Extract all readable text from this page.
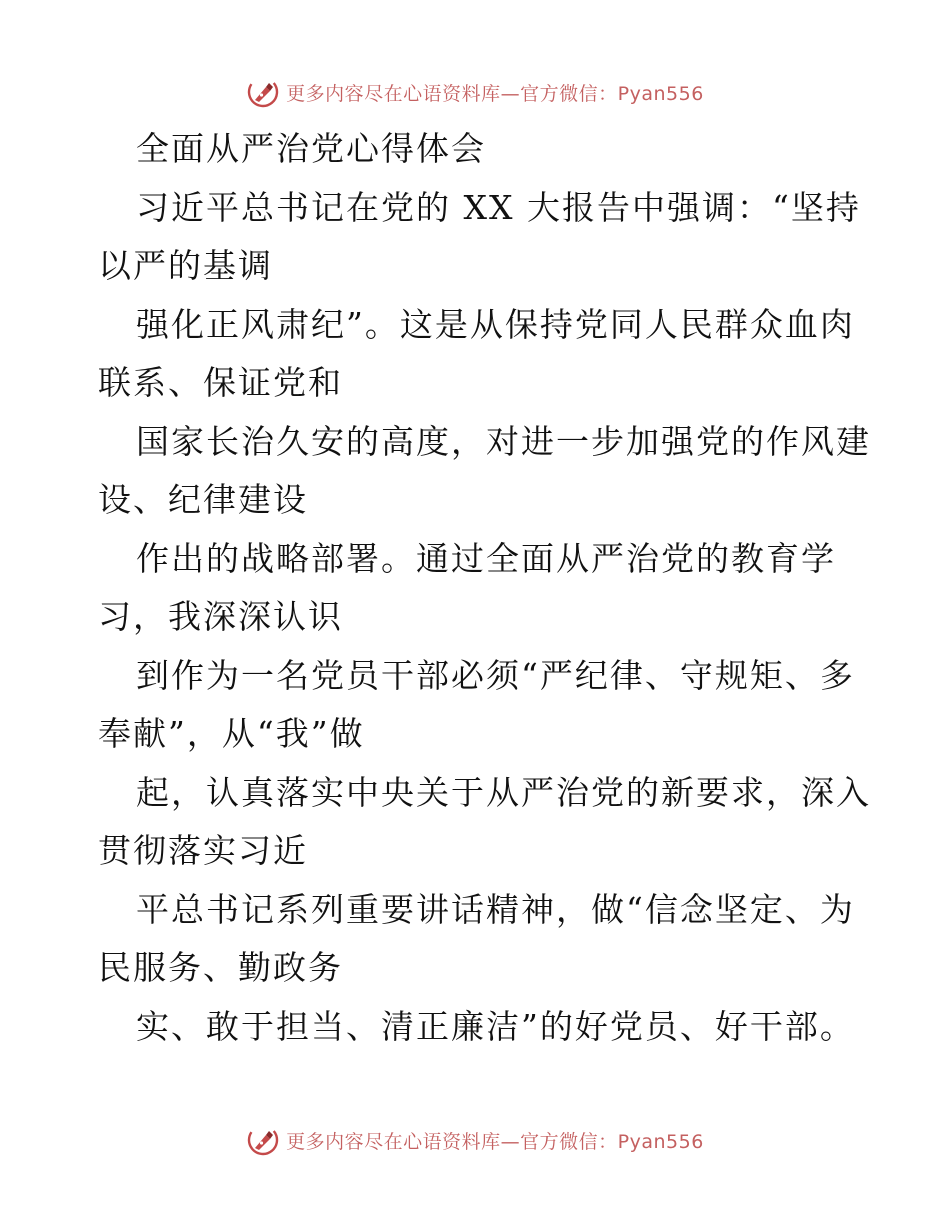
更多内容尽在心语资料库—官方微信：Pyan556
全面从严治党心得体会
习近平总书记在党的 XX 大报告中强调：“坚持
以严的基调
强化正风肃纪”。这是从保持党同人民群众血肉
联系、保证党和
国家长治久安的高度，对进一步加强党的作风建
设、纪律建设
作出的战略部署。通过全面从严治党的教育学
习，我深深认识
到作为一名党员干部必须“严纪律、守规矩、多
奉献”，从“我”做
起，认真落实中央关于从严治党的新要求，深入
贯彻落实习近
平总书记系列重要讲话精神，做“信念坚定、为
民服务、勤政务
实、敢于担当、清正廉洁”的好党员、好干部。
更多内容尽在心语资料库—官方微信：Pyan556
